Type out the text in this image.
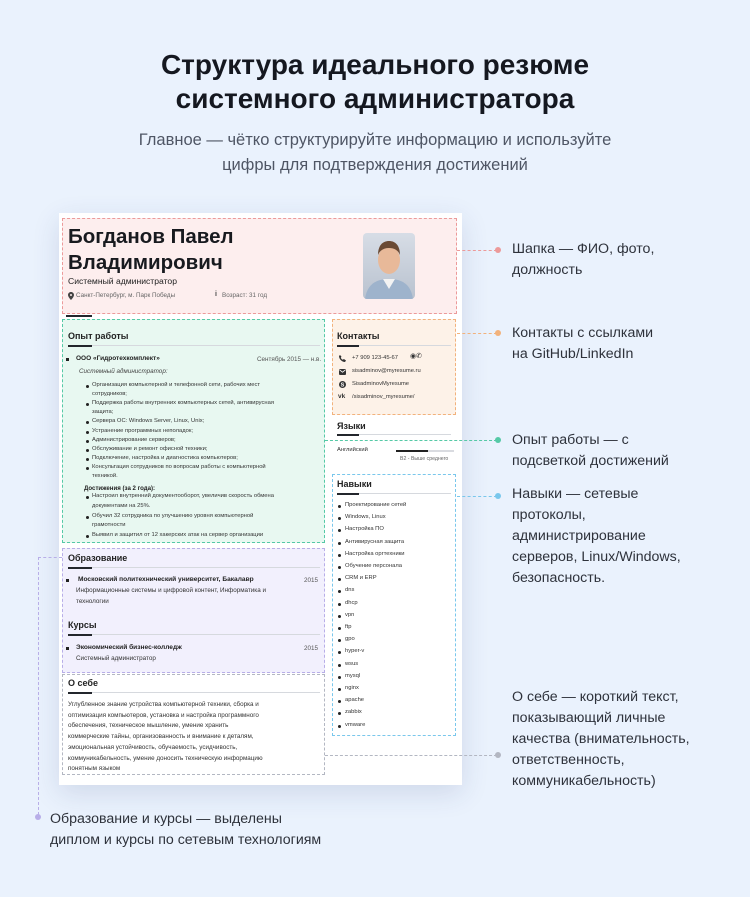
Структура идеального резюме
системного администратора
Главное — чётко структурируйте информацию и используйте
цифры для подтверждения достижений
Богданов Павел Владимирович
Системный администратор
Санкт-Петербург, м. Парк Победы	i Возраст: 31 год
Опыт работы
ООО «Гидротехкомплект»	Сентябрь 2015 — н.в.
Системный администратор:
Организация компьютерной и телефонной сети, рабочих мест
сотрудников;
Поддержка работы внутренних компьютерных сетей, антивирусная
защита;
Сервера ОС: Windows Server, Linux, Unix;
Устранение программных неполадок;
Администрирование серверов;
Обслуживание и ремонт офисной техники;
Подключение, настройка и диагностика компьютеров;
Консультация сотрудников по вопросам работы с компьютерной
техникой.
Достижения (за 2 года):
Настроил внутренний документооборот, увеличив скорость обмена
документами на 25%.
Обучил 32 сотрудника по улучшению уровня компьютерной
грамотности
Выявил и защитил от 12 хакерских атак на сервер организации
Образование
Московский политехнический университет, Бакалавр	2015
Информационные системы и цифровой контент, Информатика и
технологии
Курсы
Экономический бизнес-колледж	2015
Системный администратор
О себе
Углубленное знание устройства компьютерной техники, сборка и
оптимизация компьютеров, установка и настройка программного
обеспечения, техническое мышление, умение хранить
коммерческие тайны, организованность и внимание к деталям,
эмоциональная устойчивость, обучаемость, усидчивость,
коммуникабельность, умение доносить техническую информацию
понятным языком
Контакты
+7 909 123-45-67 ◉✆
sisadminov@myresume.ru
S SisadminovMyresume
vk /sisadminov_myresume/
Языки
Английский
B2 - Выше среднего
Навыки
Проектирование сетей
Windows, Linux
Настройка ПО
Антивирусная защита
Настройка оргтехники
Обучение персонала
CRM и ERP
dns
dhcp
vpn
ftp
gpo
hyper-v
wsus
mysql
nginx
apache
zabbix
vmware
Шапка — ФИО, фото,
должность
Контакты с ссылками
на GitHub/LinkedIn
Опыт работы — с
подсветкой достижений
Навыки — сетевые
протоколы,
администрирование
серверов, Linux/Windows,
безопасность.
О себе — короткий текст,
показывающий личные
качества (внимательность,
ответственность,
коммуникабельность)
Образование и курсы — выделены
диплом и курсы по сетевым технологиям
